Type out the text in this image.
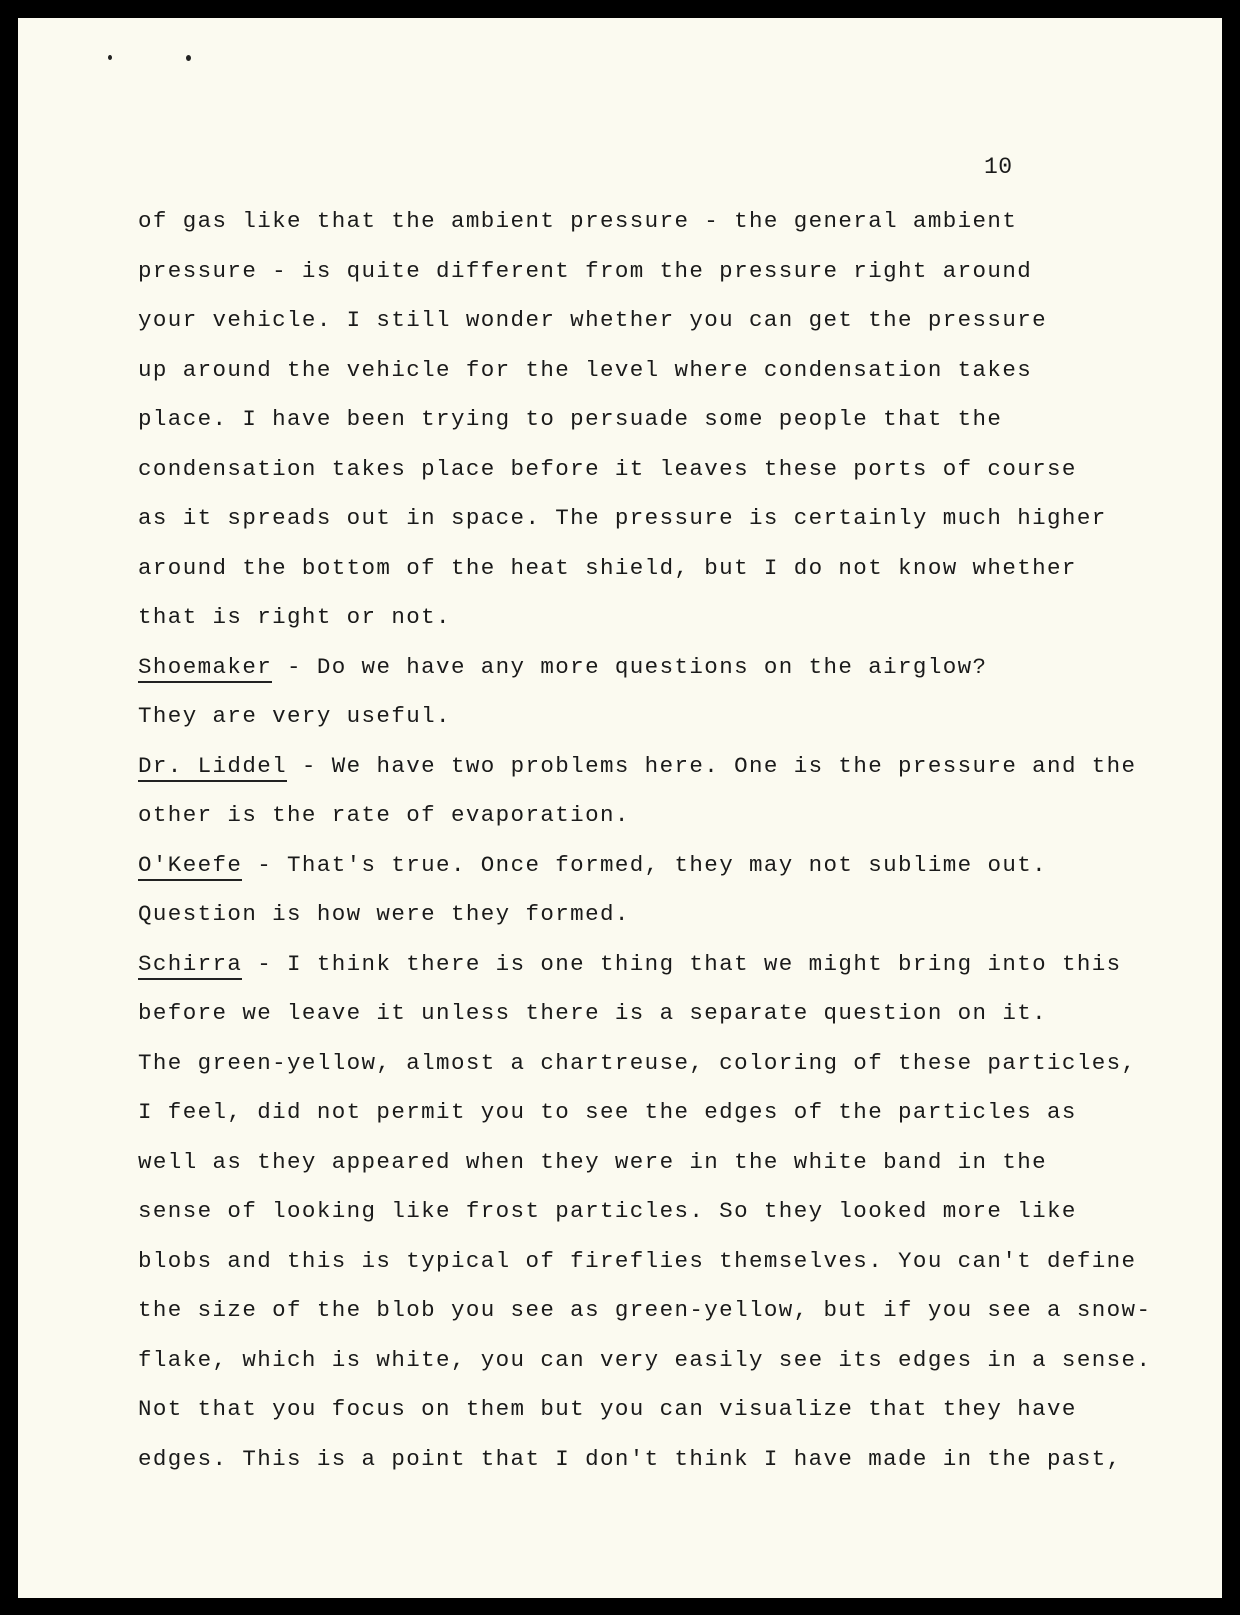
10
of gas like that the ambient pressure - the general ambient
pressure - is quite different from the pressure right around
your vehicle. I still wonder whether you can get the pressure
up around the vehicle for the level where condensation takes
place. I have been trying to persuade some people that the
condensation takes place before it leaves these ports of course
as it spreads out in space. The pressure is certainly much higher
around the bottom of the heat shield, but I do not know whether
that is right or not.
Shoemaker - Do we have any more questions on the airglow?
They are very useful.
Dr. Liddel - We have two problems here. One is the pressure and the
other is the rate of evaporation.
O'Keefe - That's true. Once formed, they may not sublime out.
Question is how were they formed.
Schirra - I think there is one thing that we might bring into this
before we leave it unless there is a separate question on it.
The green-yellow, almost a chartreuse, coloring of these particles,
I feel, did not permit you to see the edges of the particles as
well as they appeared when they were in the white band in the
sense of looking like frost particles. So they looked more like
blobs and this is typical of fireflies themselves. You can't define
the size of the blob you see as green-yellow, but if you see a snow-
flake, which is white, you can very easily see its edges in a sense.
Not that you focus on them but you can visualize that they have
edges. This is a point that I don't think I have made in the past,
